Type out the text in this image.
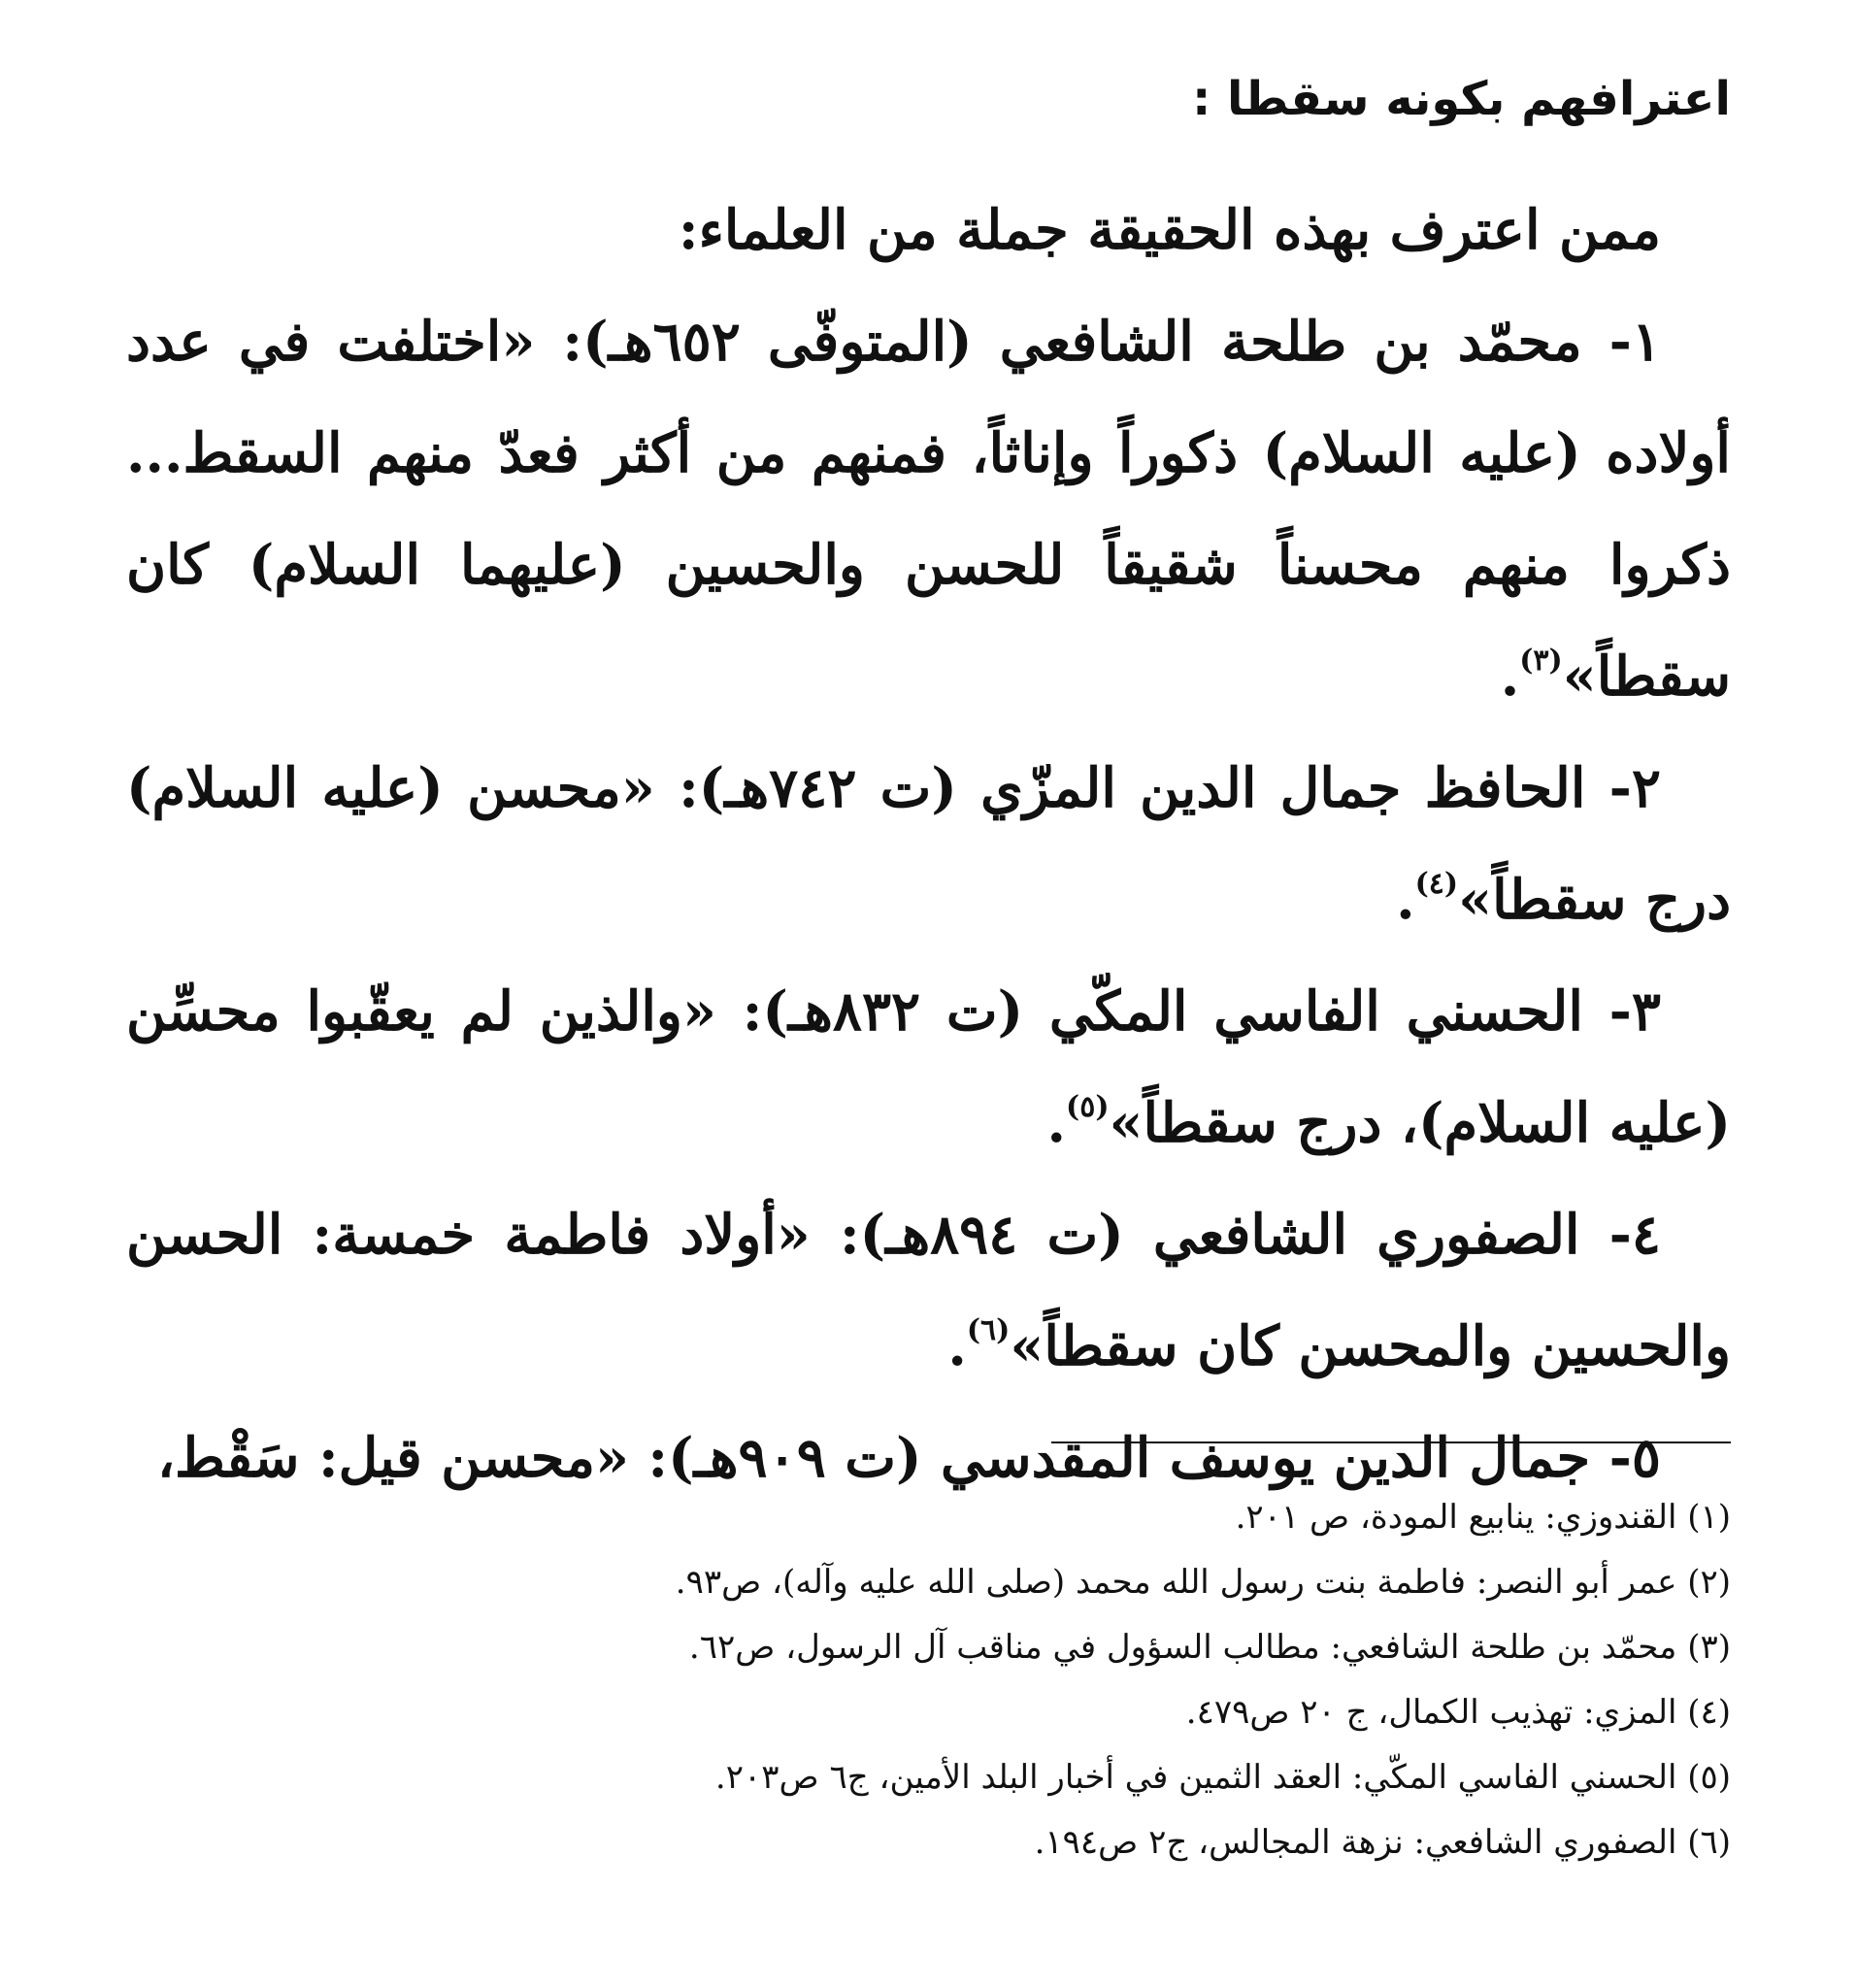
اعترافهم بكونه سقطا :

ممن اعترف بهذه الحقيقة جملة من العلماء:

١- محمّد بن طلحة الشافعي (المتوفّى ٦٥٢هـ): «اختلفت في عدد أولاده (عليه السلام) ذكوراً وإناثاً، فمنهم من أكثر فعدّ منهم السقط... ذكروا منهم محسناً شقيقاً للحسن والحسين (عليهما السلام) كان سقطاً»$^{(٣)}$.

٢- الحافظ جمال الدين المزّي (ت ٧٤٢هـ): «محسن (عليه السلام) درج سقطاً»$^{(٤)}$.

٣- الحسني الفاسي المكّي (ت ٨٣٢هـ): «والذين لم يعقّبوا محسِّن (عليه السلام)، درج سقطاً»$^{(٥)}$.

٤- الصفوري الشافعي (ت ٨٩٤هـ): «أولاد فاطمة خمسة: الحسن والحسين والمحسن كان سقطاً»$^{(٦)}$.

٥- جمال الدين يوسف المقدسي (ت ٩٠٩هـ): «محسن قيل: سَقْط،

(١) القندوزي: ينابيع المودة، ص ٢٠١.
(٢) عمر أبو النصر: فاطمة بنت رسول الله محمد (صلى الله عليه وآله)، ص٩٣.
(٣) محمّد بن طلحة الشافعي: مطالب السؤول في مناقب آل الرسول، ص٦٢.
(٤) المزي: تهذيب الكمال، ج ٢٠ ص٤٧٩.
(٥) الحسني الفاسي المكّي: العقد الثمين في أخبار البلد الأمين، ج٦ ص٢٠٣.
(٦) الصفوري الشافعي: نزهة المجالس، ج٢ ص١٩٤.
